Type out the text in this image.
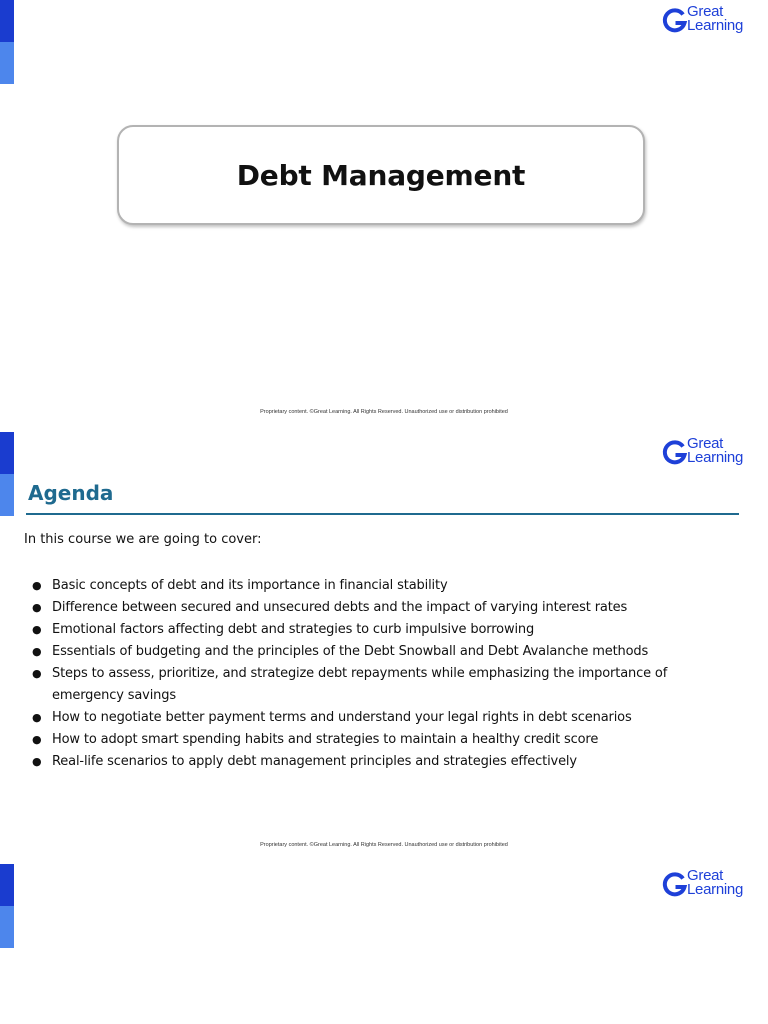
Great
Learning
Debt Management
Proprietary content. ©Great Learning. All Rights Reserved. Unauthorized use or distribution prohibited
Great
Learning
Agenda
In this course we are going to cover:
● Basic concepts of debt and its importance in financial stability
● Difference between secured and unsecured debts and the impact of varying interest rates
● Emotional factors affecting debt and strategies to curb impulsive borrowing
● Essentials of budgeting and the principles of the Debt Snowball and Debt Avalanche methods
● Steps to assess, prioritize, and strategize debt repayments while emphasizing the importance of emergency savings
● How to negotiate better payment terms and understand your legal rights in debt scenarios
● How to adopt smart spending habits and strategies to maintain a healthy credit score
● Real-life scenarios to apply debt management principles and strategies effectively
Proprietary content. ©Great Learning. All Rights Reserved. Unauthorized use or distribution prohibited
Great
Learning
